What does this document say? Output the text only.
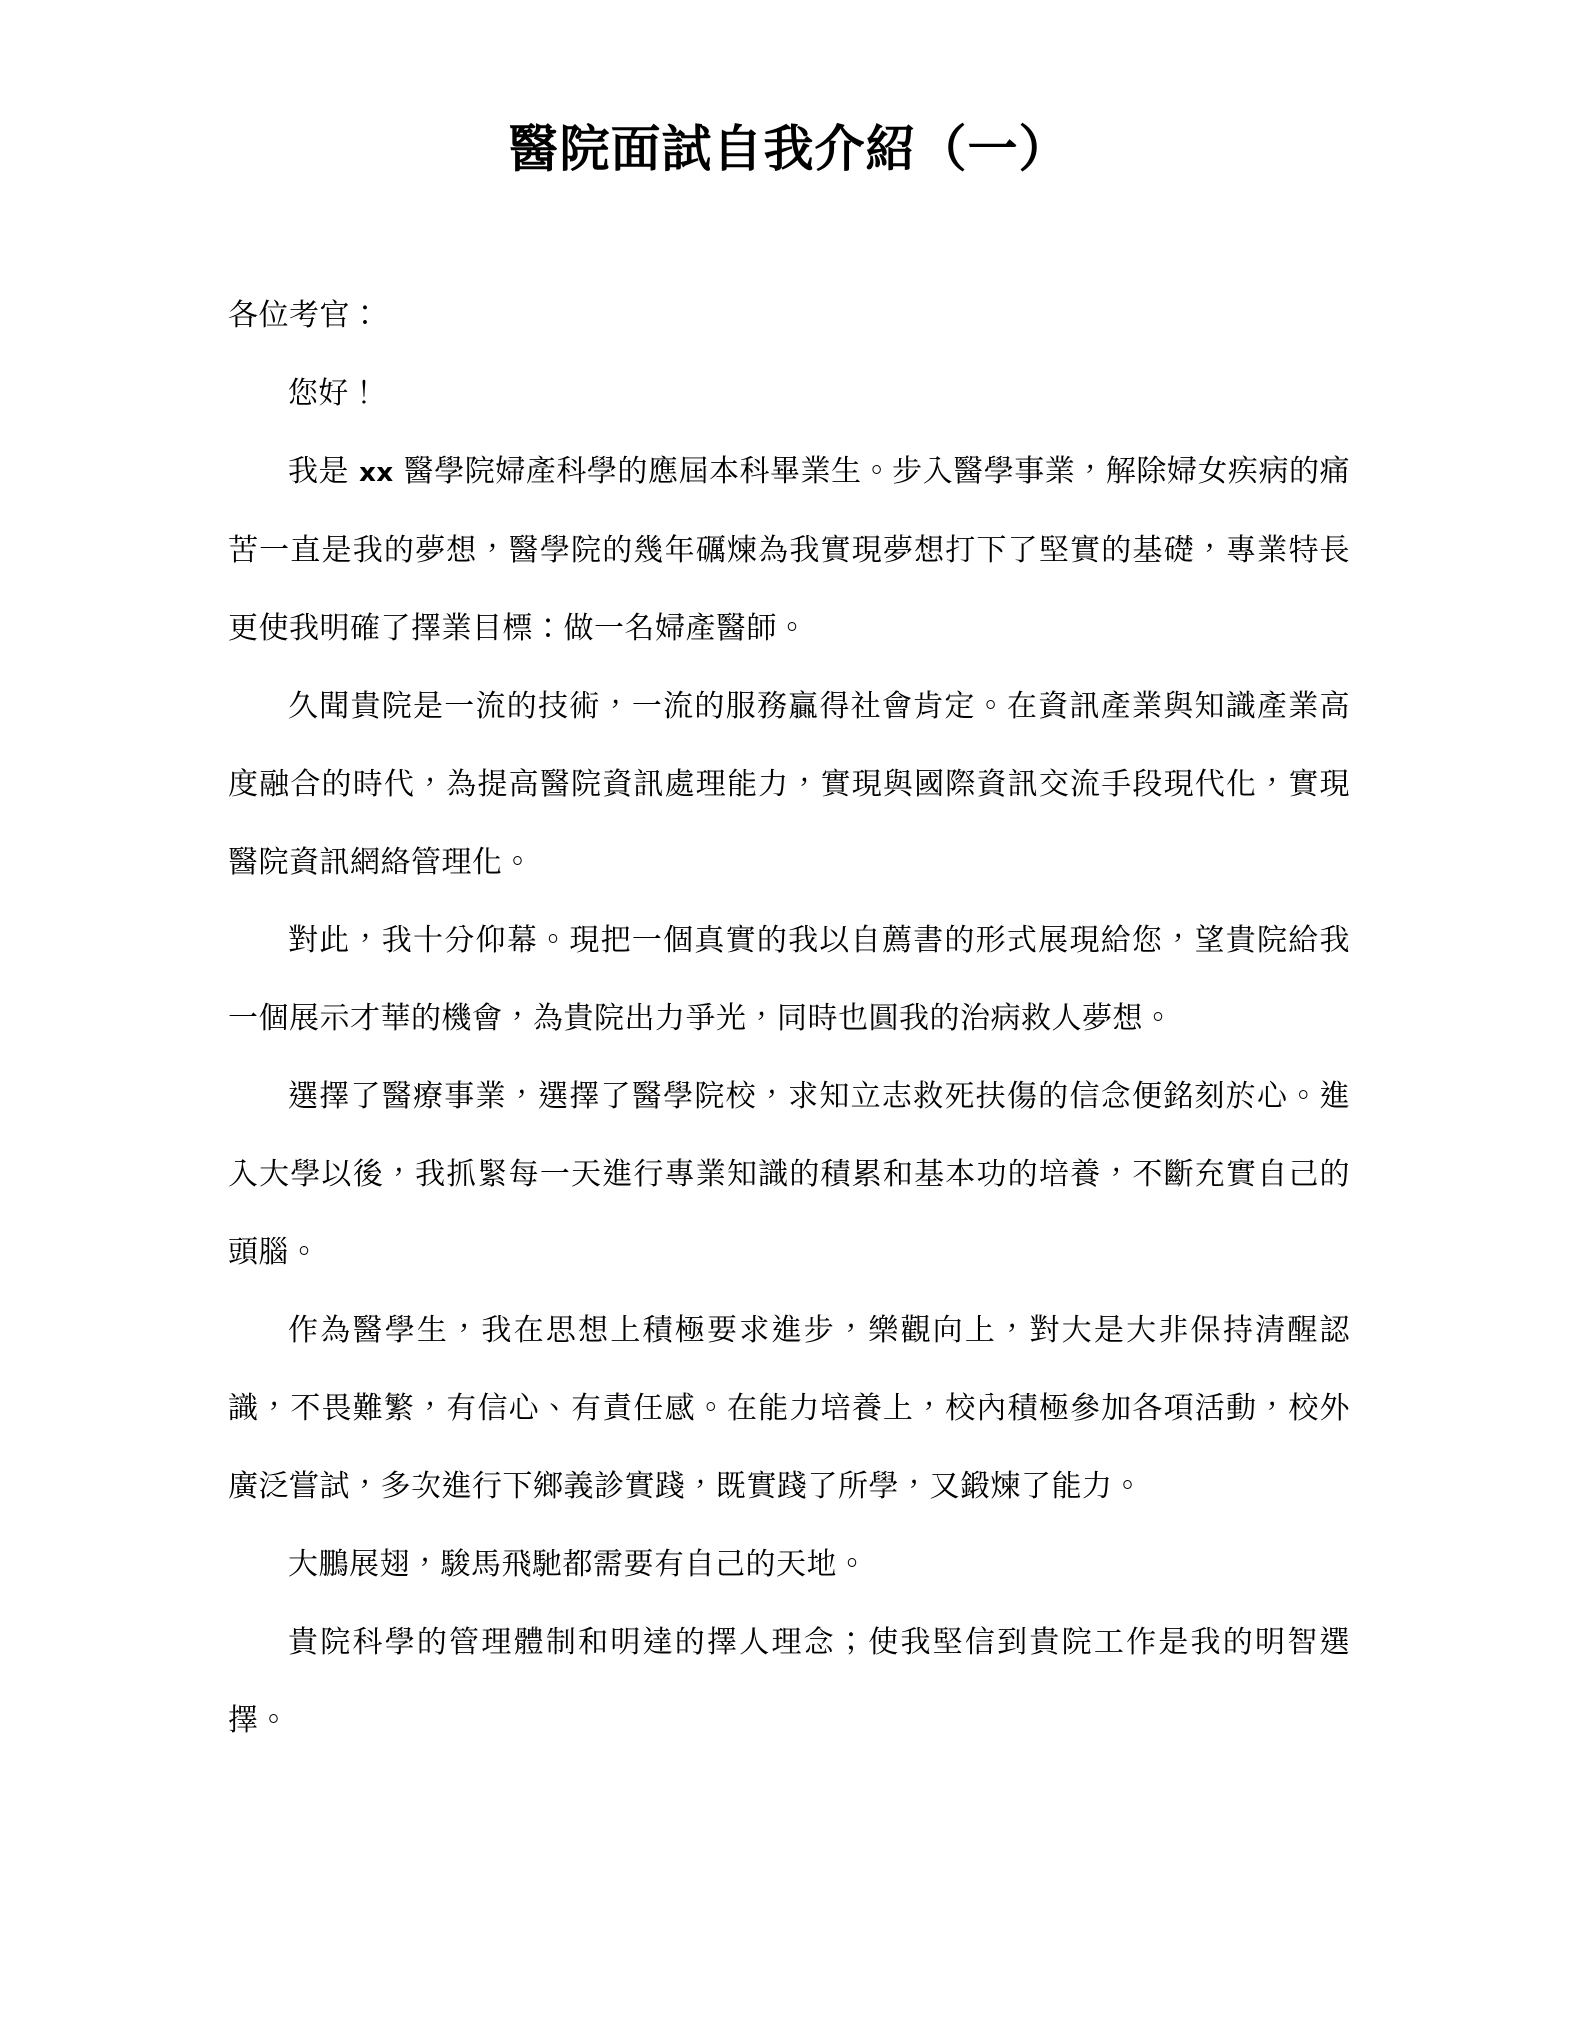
醫院面試自我介紹（一）

各位考官：

您好！

我是 xx 醫學院婦產科學的應屆本科畢業生。步入醫學事業，解除婦女疾病的痛苦一直是我的夢想，醫學院的幾年礪煉為我實現夢想打下了堅實的基礎，專業特長更使我明確了擇業目標：做一名婦產醫師。

久聞貴院是一流的技術，一流的服務贏得社會肯定。在資訊產業與知識產業高度融合的時代，為提高醫院資訊處理能力，實現與國際資訊交流手段現代化，實現醫院資訊網絡管理化。

對此，我十分仰幕。現把一個真實的我以自薦書的形式展現給您，望貴院給我一個展示才華的機會，為貴院出力爭光，同時也圓我的治病救人夢想。

選擇了醫療事業，選擇了醫學院校，求知立志救死扶傷的信念便銘刻於心。進入大學以後，我抓緊每一天進行專業知識的積累和基本功的培養，不斷充實自己的頭腦。

作為醫學生，我在思想上積極要求進步，樂觀向上，對大是大非保持清醒認識，不畏難繁，有信心、有責任感。在能力培養上，校內積極參加各項活動，校外廣泛嘗試，多次進行下鄉義診實踐，既實踐了所學，又鍛煉了能力。

大鵬展翅，駿馬飛馳都需要有自己的天地。

貴院科學的管理體制和明達的擇人理念；使我堅信到貴院工作是我的明智選擇。
